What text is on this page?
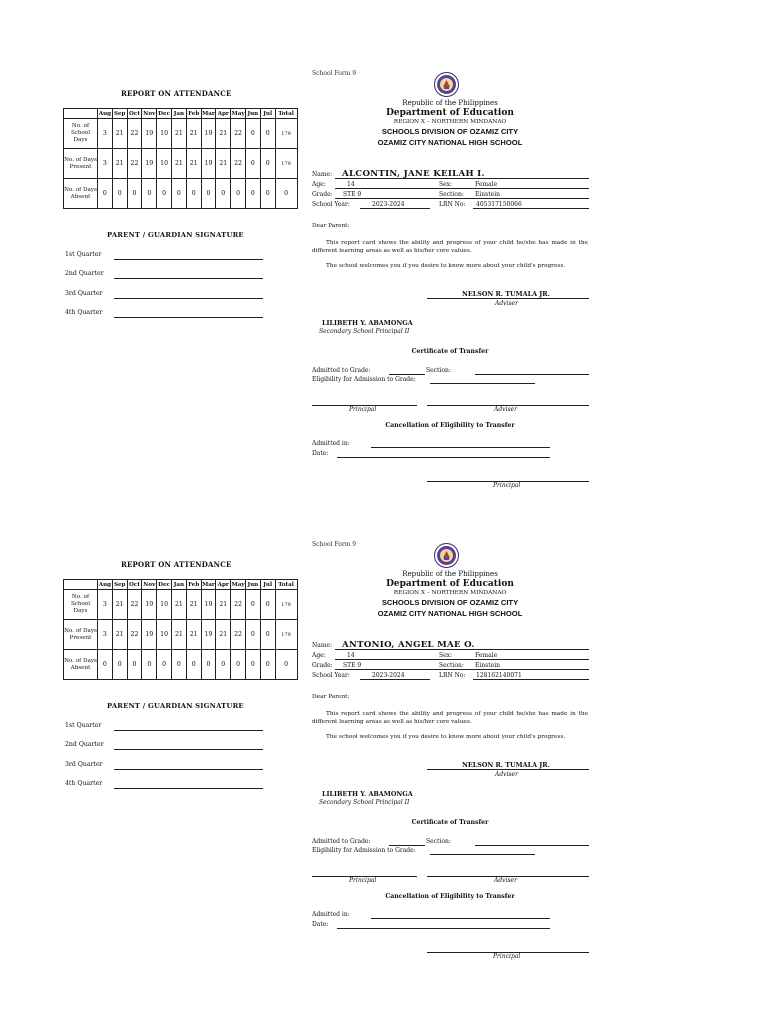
REPORT ON ATTENDANCE
	Aug	Sep	Oct	Nov	Dec	Jan	Feb	Mar	Apr	May	Jun	Jul	Total
No. of School Days	3	21	22	19	10	21	21	19	21	22	0	0	179
No. of Days Present	3	21	22	19	10	21	21	19	21	22	0	0	179
No. of Days Absent	0	0	0	0	0	0	0	0	0	0	0	0	0
PARENT / GUARDIAN SIGNATURE
1st Quarter
2nd Quarter
3rd Quarter
4th Quarter
School Form 9
Republic of the Philippines
Department of Education
REGION X – NORTHERN MINDANAO
SCHOOLS DIVISION OF OZAMIZ CITY
OZAMIZ CITY NATIONAL HIGH SCHOOL
Name: ALCONTIN, JANE KEILAH I.
Age:	14	Sex:	Female
Grade: STE 9	Section: Einstein
School Year:	2023-2024	LRN No: 405317150066
Dear Parent:
This report card shows the ability and progress of your child he/she has made in the different learning areas as well as his/her core values.
The school welcomes you if you desire to know more about your child's progress.
NELSON R. TUMALA JR.
Adviser
LILIBETH Y. ABAMONGA
Secondary School Principal II
Certificate of Transfer
Admitted to Grade:	Section:
Eligibility for Admission to Grade:
Principal	Adviser
Cancellation of Eligibility to Transfer
Admitted in:
Date:
Principal
REPORT ON ATTENDANCE
	Aug	Sep	Oct	Nov	Dec	Jan	Feb	Mar	Apr	May	Jun	Jul	Total
No. of School Days	3	21	22	19	10	21	21	19	21	22	0	0	179
No. of Days Present	3	21	22	19	10	21	21	19	21	22	0	0	179
No. of Days Absent	0	0	0	0	0	0	0	0	0	0	0	0	0
PARENT / GUARDIAN SIGNATURE
1st Quarter
2nd Quarter
3rd Quarter
4th Quarter
School Form 9
Republic of the Philippines
Department of Education
REGION X – NORTHERN MINDANAO
SCHOOLS DIVISION OF OZAMIZ CITY
OZAMIZ CITY NATIONAL HIGH SCHOOL
Name: ANTONIO, ANGEL MAE O.
Age:	14	Sex:	Female
Grade: STE 9	Section: Einstein
School Year:	2023-2024	LRN No: 128162140071
Dear Parent:
This report card shows the ability and progress of your child he/she has made in the different learning areas as well as his/her core values.
The school welcomes you if you desire to know more about your child's progress.
NELSON R. TUMALA JR.
Adviser
LILIBETH Y. ABAMONGA
Secondary School Principal II
Certificate of Transfer
Admitted to Grade:	Section:
Eligibility for Admission to Grade:
Principal	Adviser
Cancellation of Eligibility to Transfer
Admitted in:
Date:
Principal
